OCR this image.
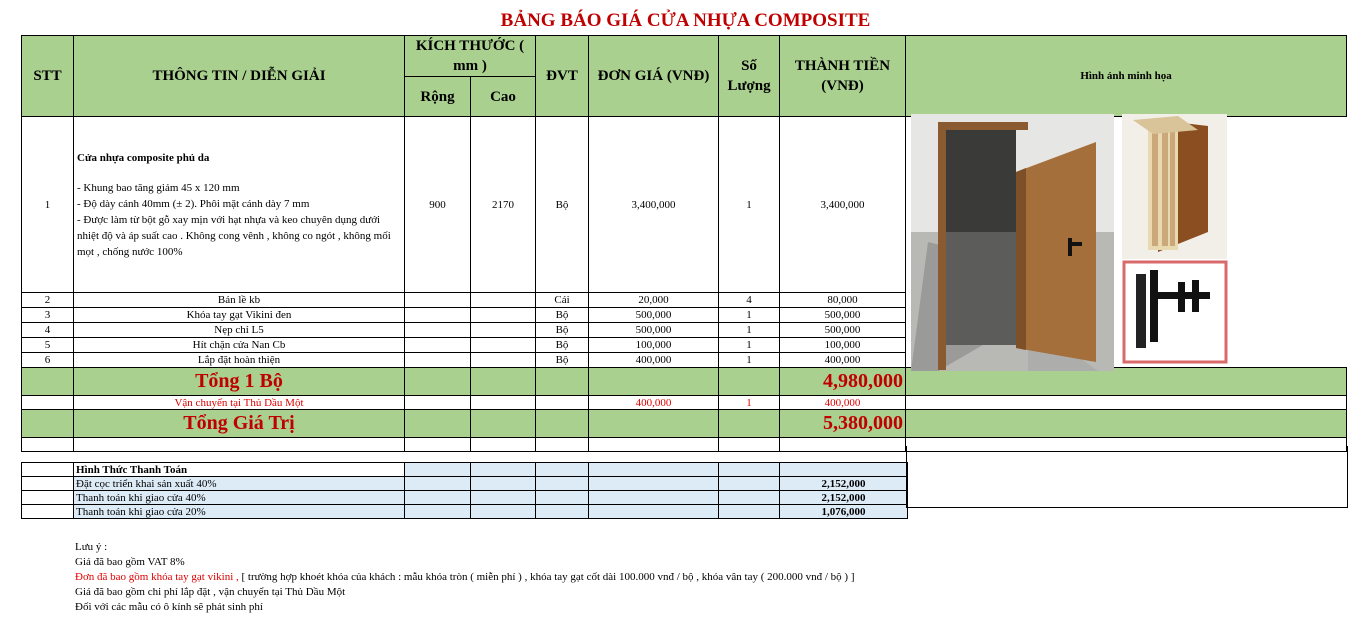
BẢNG BÁO GIÁ CỬA NHỰA COMPOSITE
STT	THÔNG TIN / DIỄN GIẢI	KÍCH THƯỚC ( mm )		ĐVT	ĐƠN GIÁ (VNĐ)	Số Lượng	THÀNH TIỀN (VNĐ)	Hình ảnh minh họa
		Rộng	Cao					
1	Cửa nhựa composite phủ da
- Khung bao tăng giảm 45 x 120 mm
- Độ dày cánh 40mm (± 2). Phôi mặt cánh dày 7 mm
- Được làm từ bột gỗ xay mịn với hạt nhựa và keo chuyên dụng dưới nhiệt độ và áp suất cao . Không cong vênh , không co ngót , không mối mọt , chống nước 100%	900	2170	Bộ	3,400,000	1	3,400,000	
2	Bản lề kb			Cái	20,000	4	80,000	
3	Khóa tay gạt Vikini đen			Bộ	500,000	1	500,000	
4	Nẹp chỉ L5			Bộ	500,000	1	500,000	
5	Hít chặn cửa Nan Cb			Bộ	100,000	1	100,000	
6	Lắp đặt hoàn thiện			Bộ	400,000	1	400,000	
	Tổng 1 Bộ						4,980,000	
	Vận chuyển tại Thủ Dầu Một				400,000	1	400,000	
	Tổng Giá Trị						5,380,000	

	Hình Thức Thanh Toán						
	Đặt cọc triển khai sản xuất 40%						2,152,000
	Thanh toán khi giao cửa 40%						2,152,000
	Thanh toán khi giao cửa 20%						1,076,000
Lưu ý :
Giá đã bao gồm VAT 8%
Đơn đã bao gồm khóa tay gạt vikini , [ trường hợp khoét khóa của khách : mẫu khóa tròn ( miễn phí ) , khóa tay gạt cốt dài 100.000 vnđ / bộ , khóa vân tay ( 200.000 vnđ / bộ ) ]
Giá đã bao gồm chi phí lắp đặt , vận chuyển tại Thủ Dầu Một
Đối với các mẫu có ô kính sẽ phát sinh phí
